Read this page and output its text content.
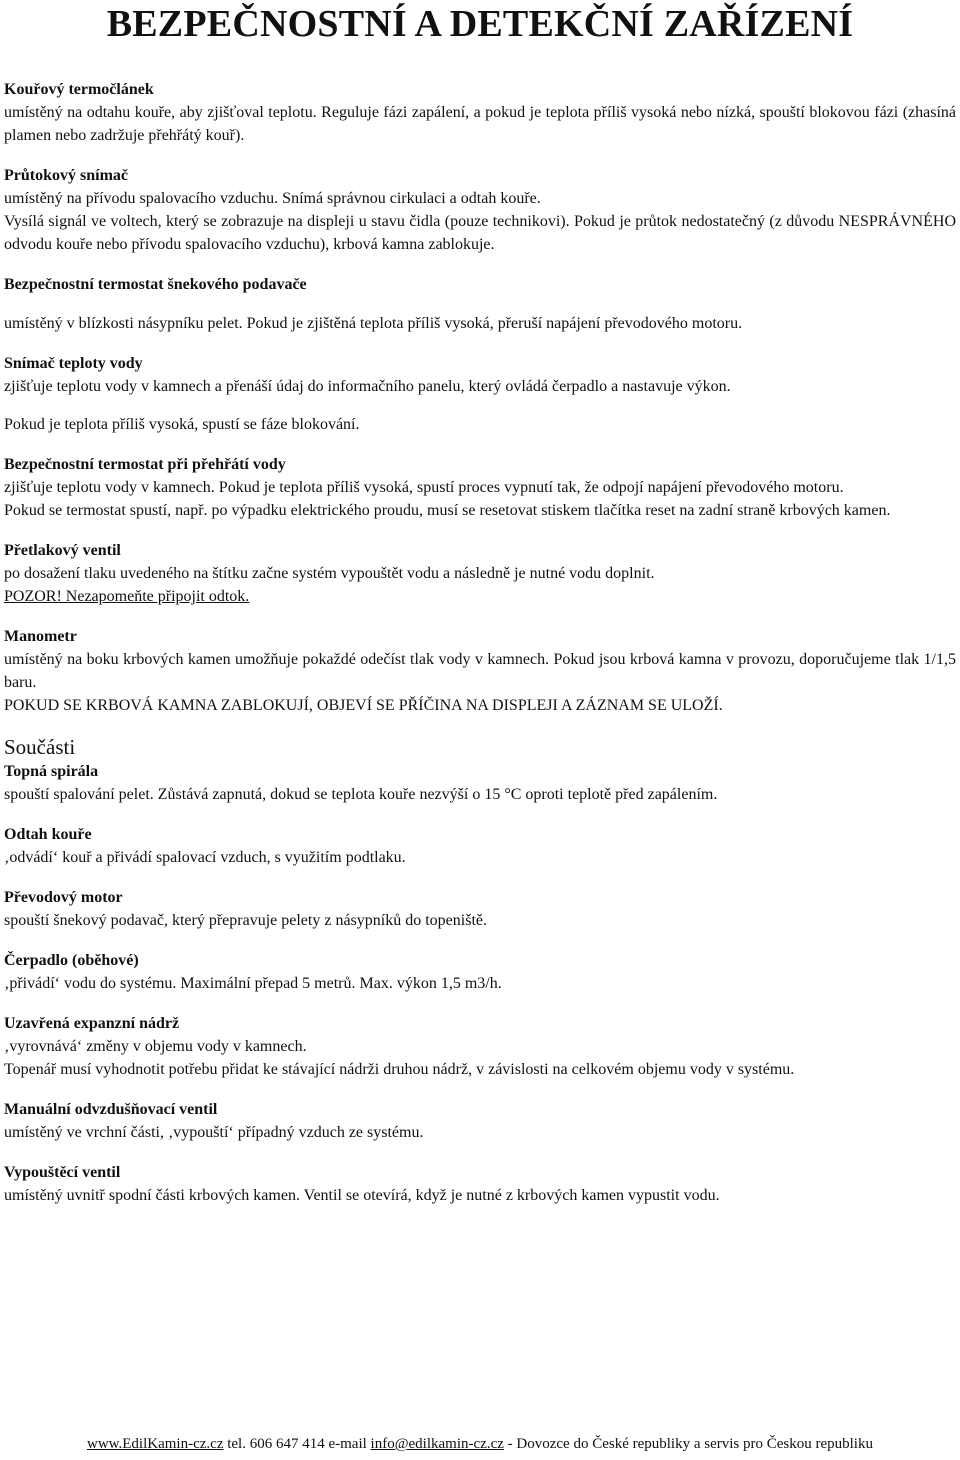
BEZPEČNOSTNÍ A DETEKČNÍ ZAŘÍZENÍ
Kouřový termočlánek

umístěný na odtahu kouře, aby zjišťoval teplotu. Reguluje fázi zapálení, a pokud je teplota příliš vysoká nebo nízká, spouští blokovou fázi (zhasíná plamen nebo zadržuje přehřátý kouř).

Průtokový snímač

umístěný na přívodu spalovacího vzduchu. Snímá správnou cirkulaci a odtah kouře.

Vysílá signál ve voltech, který se zobrazuje na displeji u stavu čidla (pouze technikovi). Pokud je průtok nedostatečný (z důvodu NESPRÁVNÉHO odvodu kouře nebo přívodu spalovacího vzduchu), krbová kamna zablokuje.

Bezpečnostní termostat šnekového podavače

umístěný v blízkosti násypníku pelet. Pokud je zjištěná teplota příliš vysoká, přeruší napájení převodového motoru.

Snímač teploty vody

zjišťuje teplotu vody v kamnech a přenáší údaj do informačního panelu, který ovládá čerpadlo a nastavuje výkon.

Pokud je teplota příliš vysoká, spustí se fáze blokování.

Bezpečnostní termostat při přehřátí vody

zjišťuje teplotu vody v kamnech. Pokud je teplota příliš vysoká, spustí proces vypnutí tak, že odpojí napájení převodového motoru.

Pokud se termostat spustí, např. po výpadku elektrického proudu, musí se resetovat stiskem tlačítka reset na zadní straně krbových kamen.

Přetlakový ventil

po dosažení tlaku uvedeného na štítku začne systém vypouštět vodu a následně je nutné vodu doplnit.

POZOR! Nezapomeňte připojit odtok.

Manometr

umístěný na boku krbových kamen umožňuje pokaždé odečíst tlak vody v kamnech. Pokud jsou krbová kamna v provozu, doporučujeme tlak 1/1,5 baru.

POKUD SE KRBOVÁ KAMNA ZABLOKUJÍ, OBJEVÍ SE PŘÍČINA NA DISPLEJI A ZÁZNAM SE ULOŽÍ.

Součásti
Topná spirála

spouští spalování pelet. Zůstává zapnutá, dokud se teplota kouře nezvýší o 15 °C oproti teplotě před zapálením.

Odtah kouře

‚odvádí‘ kouř a přivádí spalovací vzduch, s využitím podtlaku.

Převodový motor

spouští šnekový podavač, který přepravuje pelety z násypníků do topeniště.

Čerpadlo (oběhové)

‚přivádí‘ vodu do systému. Maximální přepad 5 metrů. Max. výkon 1,5 m3/h.

Uzavřená expanzní nádrž

‚vyrovnává‘ změny v objemu vody v kamnech.

Topenář musí vyhodnotit potřebu přidat ke stávající nádrži druhou nádrž, v závislosti na celkovém objemu vody v systému.

Manuální odvzdušňovací ventil

umístěný ve vrchní části, ‚vypouští‘ případný vzduch ze systému.

Vypouštěcí ventil

umístěný uvnitř spodní části krbových kamen. Ventil se otevírá, když je nutné z krbových kamen vypustit vodu.

www.EdilKamin-cz.cz tel. 606 647 414 e-mail info@edilkamin-cz.cz - Dovozce do České republiky a servis pro Českou republiku
